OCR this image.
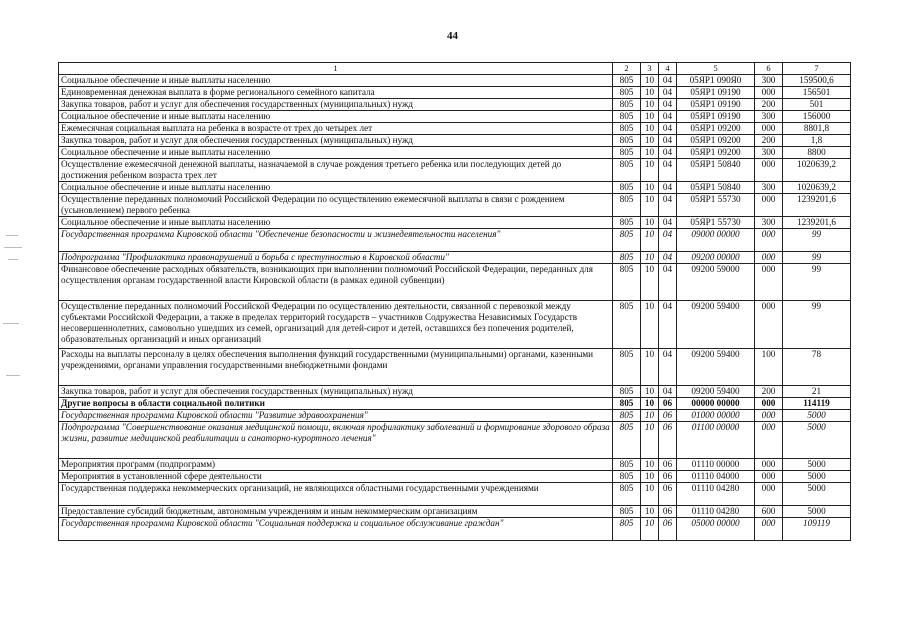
44
1	2	3	4	5	6	7
Социальное обеспечение и иные выплаты населению	805	10	04	05ЯР1 090Я0	300	159500,6
Единовременная денежная выплата в форме регионального семейного капитала	805	10	04	05ЯР1 09190	000	156501
Закупка товаров, работ и услуг для обеспечения государственных (муниципальных) нужд	805	10	04	05ЯР1 09190	200	501
Социальное обеспечение и иные выплаты населению	805	10	04	05ЯР1 09190	300	156000
Ежемесячная социальная выплата на ребенка в возрасте от трех до четырех лет	805	10	04	05ЯР1 09200	000	8801,8
Закупка товаров, работ и услуг для обеспечения государственных (муниципальных) нужд	805	10	04	05ЯР1 09200	200	1,8
Социальное обеспечение и иные выплаты населению	805	10	04	05ЯР1 09200	300	8800
Осуществление ежемесячной денежной выплаты, назначаемой в случае рождения третьего ребенка или последующих детей до достижения ребенком возраста трех лет	805	10	04	05ЯР1 50840	000	1020639,2
Социальное обеспечение и иные выплаты населению	805	10	04	05ЯР1 50840	300	1020639,2
Осуществление переданных полномочий Российской Федерации по осуществлению ежемесячной выплаты в связи с рождением (усыновлением) первого ребенка	805	10	04	05ЯР1 55730	000	1239201,6
Социальное обеспечение и иные выплаты населению	805	10	04	05ЯР1 55730	300	1239201,6
Государственная программа Кировской области "Обеспечение безопасности и жизнедеятельности населения"	805	10	04	09000 00000	000	99
Подпрограмма "Профилактика правонарушений и борьба с преступностью в Кировской области"	805	10	04	09200 00000	000	99
Финансовое обеспечение расходных обязательств, возникающих при выполнении полномочий Российской Федерации, переданных для осуществления органам государственной власти Кировской области (в рамках единой субвенции)	805	10	04	09200 59000	000	99
Осуществление переданных полномочий Российской Федерации по осуществлению деятельности, связанной с перевозкой между субъектами Российской Федерации, а также в пределах территорий государств – участников Содружества Независимых Государств несовершеннолетних, самовольно ушедших из семей, организаций для детей-сирот и детей, оставшихся без попечения родителей, образовательных организаций и иных организаций	805	10	04	09200 59400	000	99
Расходы на выплаты персоналу в целях обеспечения выполнения функций государственными (муниципальными) органами, казенными учреждениями, органами управления государственными внебюджетными фондами	805	10	04	09200 59400	100	78
Закупка товаров, работ и услуг для обеспечения государственных (муниципальных) нужд	805	10	04	09200 59400	200	21
Другие вопросы в области социальной политики	805	10	06	00000 00000	000	114119
Государственная программа Кировской области "Развитие здравоохранения"	805	10	06	01000 00000	000	5000
Подпрограмма "Совершенствование оказания медицинской помощи, включая профилактику заболеваний и формирование здорового образа жизни, развитие медицинской реабилитации и санаторно-курортного лечения"	805	10	06	01100 00000	000	5000
Мероприятия программ (подпрограмм)	805	10	06	01110 00000	000	5000
Мероприятия в установленной сфере деятельности	805	10	06	01110 04000	000	5000
Государственная поддержка некоммерческих организаций, не являющихся областными государственными учреждениями	805	10	06	01110 04280	000	5000
Предоставление субсидий бюджетным, автономным учреждениям и иным некоммерческим организациям	805	10	06	01110 04280	600	5000
Государственная программа Кировской области "Социальная поддержка и социальное обслуживание граждан"	805	10	06	05000 00000	000	109119
